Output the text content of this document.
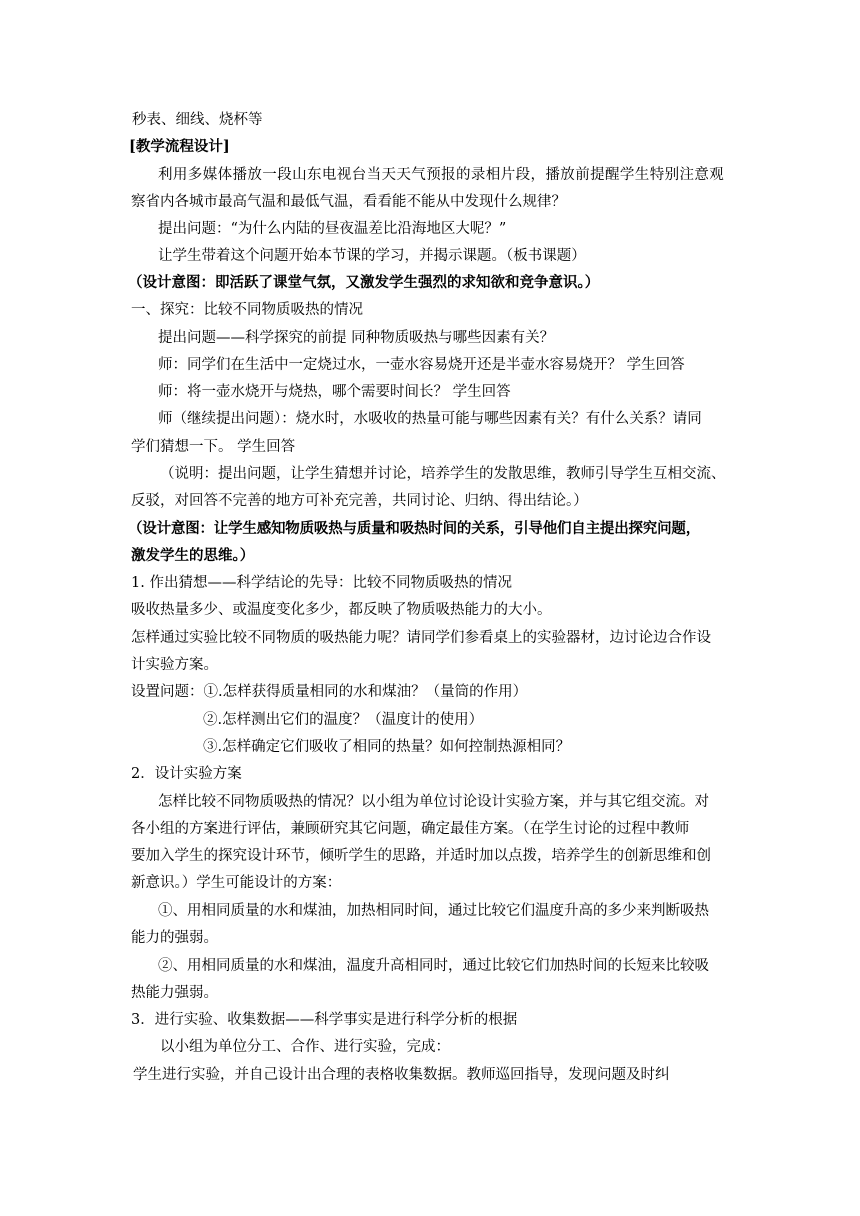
秒表、细线、烧杯等
[教学流程设计]
利用多媒体播放一段山东电视台当天天气预报的录相片段，播放前提醒学生特别注意观
察省内各城市最高气温和最低气温，看看能不能从中发现什么规律？
提出问题：“为什么内陆的昼夜温差比沿海地区大呢？”
让学生带着这个问题开始本节课的学习，并揭示课题。（板书课题）
（设计意图：即活跃了课堂气氛，又激发学生强烈的求知欲和竞争意识。）
一、探究：比较不同物质吸热的情况
提出问题——科学探究的前提 同种物质吸热与哪些因素有关？
师：同学们在生活中一定烧过水，一壶水容易烧开还是半壶水容易烧开？ 学生回答
师：将一壶水烧开与烧热，哪个需要时间长？ 学生回答
师（继续提出问题）：烧水时，水吸收的热量可能与哪些因素有关？有什么关系？请同
学们猜想一下。 学生回答
（说明：提出问题，让学生猜想并讨论，培养学生的发散思维，教师引导学生互相交流、
反驳，对回答不完善的地方可补充完善，共同讨论、归纳、得出结论。）
（设计意图：让学生感知物质吸热与质量和吸热时间的关系，引导他们自主提出探究问题，
激发学生的思维。）
1. 作出猜想——科学结论的先导：比较不同物质吸热的情况
吸收热量多少、或温度变化多少，都反映了物质吸热能力的大小。
怎样通过实验比较不同物质的吸热能力呢？请同学们参看桌上的实验器材，边讨论边合作设
计实验方案。
设置问题：①.怎样获得质量相同的水和煤油？（量筒的作用）
②.怎样测出它们的温度？（温度计的使用）
③.怎样确定它们吸收了相同的热量？如何控制热源相同？
2．设计实验方案
怎样比较不同物质吸热的情况？以小组为单位讨论设计实验方案，并与其它组交流。对
各小组的方案进行评估，兼顾研究其它问题，确定最佳方案。（在学生讨论的过程中教师
要加入学生的探究设计环节，倾听学生的思路，并适时加以点拨，培养学生的创新思维和创
新意识。）学生可能设计的方案：
①、用相同质量的水和煤油，加热相同时间，通过比较它们温度升高的多少来判断吸热
能力的强弱。
②、用相同质量的水和煤油，温度升高相同时，通过比较它们加热时间的长短来比较吸
热能力强弱。
3．进行实验、收集数据——科学事实是进行科学分析的根据
以小组为单位分工、合作、进行实验，完成：
学生进行实验，并自己设计出合理的表格收集数据。教师巡回指导，发现问题及时纠
